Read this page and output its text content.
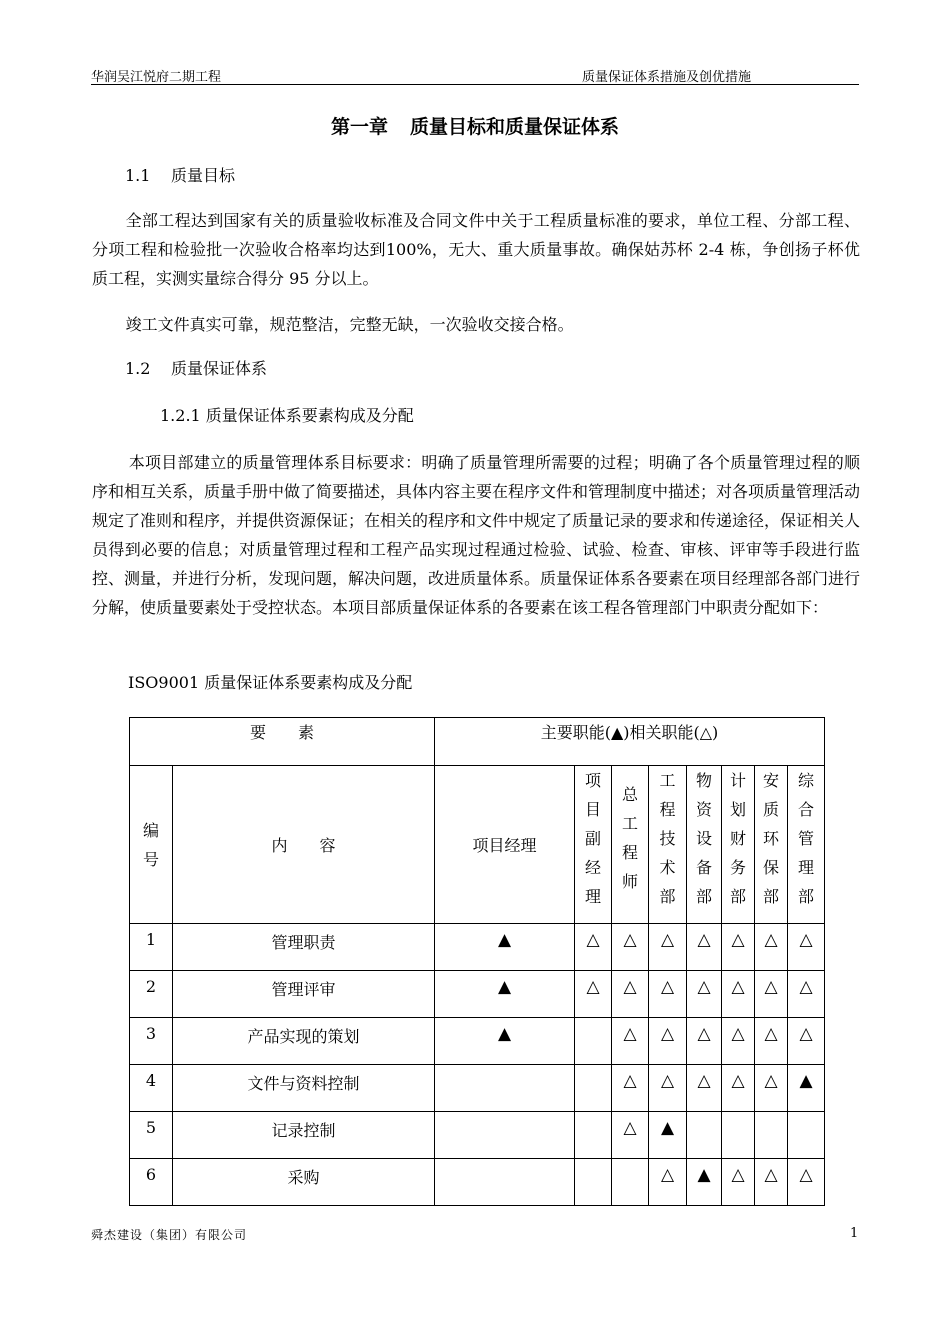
华润吴江悦府二期工程	质量保证体系措施及创优措施
第一章 质量目标和质量保证体系
1.1 质量目标
全部工程达到国家有关的质量验收标准及合同文件中关于工程质量标准的要求，单位工程、分部工程、分项工程和检验批一次验收合格率均达到100%，无大、重大质量事故。确保姑苏杯 2-4 栋，争创扬子杯优质工程，实测实量综合得分 95 分以上。
竣工文件真实可靠，规范整洁，完整无缺，一次验收交接合格。
1.2 质量保证体系
1.2.1 质量保证体系要素构成及分配
本项目部建立的质量管理体系目标要求：明确了质量管理所需要的过程；明确了各个质量管理过程的顺序和相互关系，质量手册中做了简要描述，具体内容主要在程序文件和管理制度中描述；对各项质量管理活动规定了准则和程序，并提供资源保证；在相关的程序和文件中规定了质量记录的要求和传递途径，保证相关人员得到必要的信息；对质量管理过程和工程产品实现过程通过检验、试验、检查、审核、评审等手段进行监控、测量，并进行分析，发现问题，解决问题，改进质量体系。质量保证体系各要素在项目经理部各部门进行分解，使质量要素处于受控状态。本项目部质量保证体系的各要素在该工程各管理部门中职责分配如下：
ISO9001 质量保证体系要素构成及分配
要　　素		主要职能(▲)相关职能(△)							

编
号	内　　容	项目经理	项
目
副
经
理	总
工
程
师	工
程
技
术
部	物
资
设
备
部	计
划
财
务
部	安
质
环
保
部	综
合
管
理
部

1	管理职责	▲	△	△	△	△	△	△	△
2	管理评审	▲	△	△	△	△	△	△	△
3	产品实现的策划	▲		△	△	△	△	△	△
4	文件与资料控制			△	△	△	△	△	▲
5	记录控制			△	▲				
6	采购				△	▲	△	△	△
舜杰建设（集团）有限公司	1
